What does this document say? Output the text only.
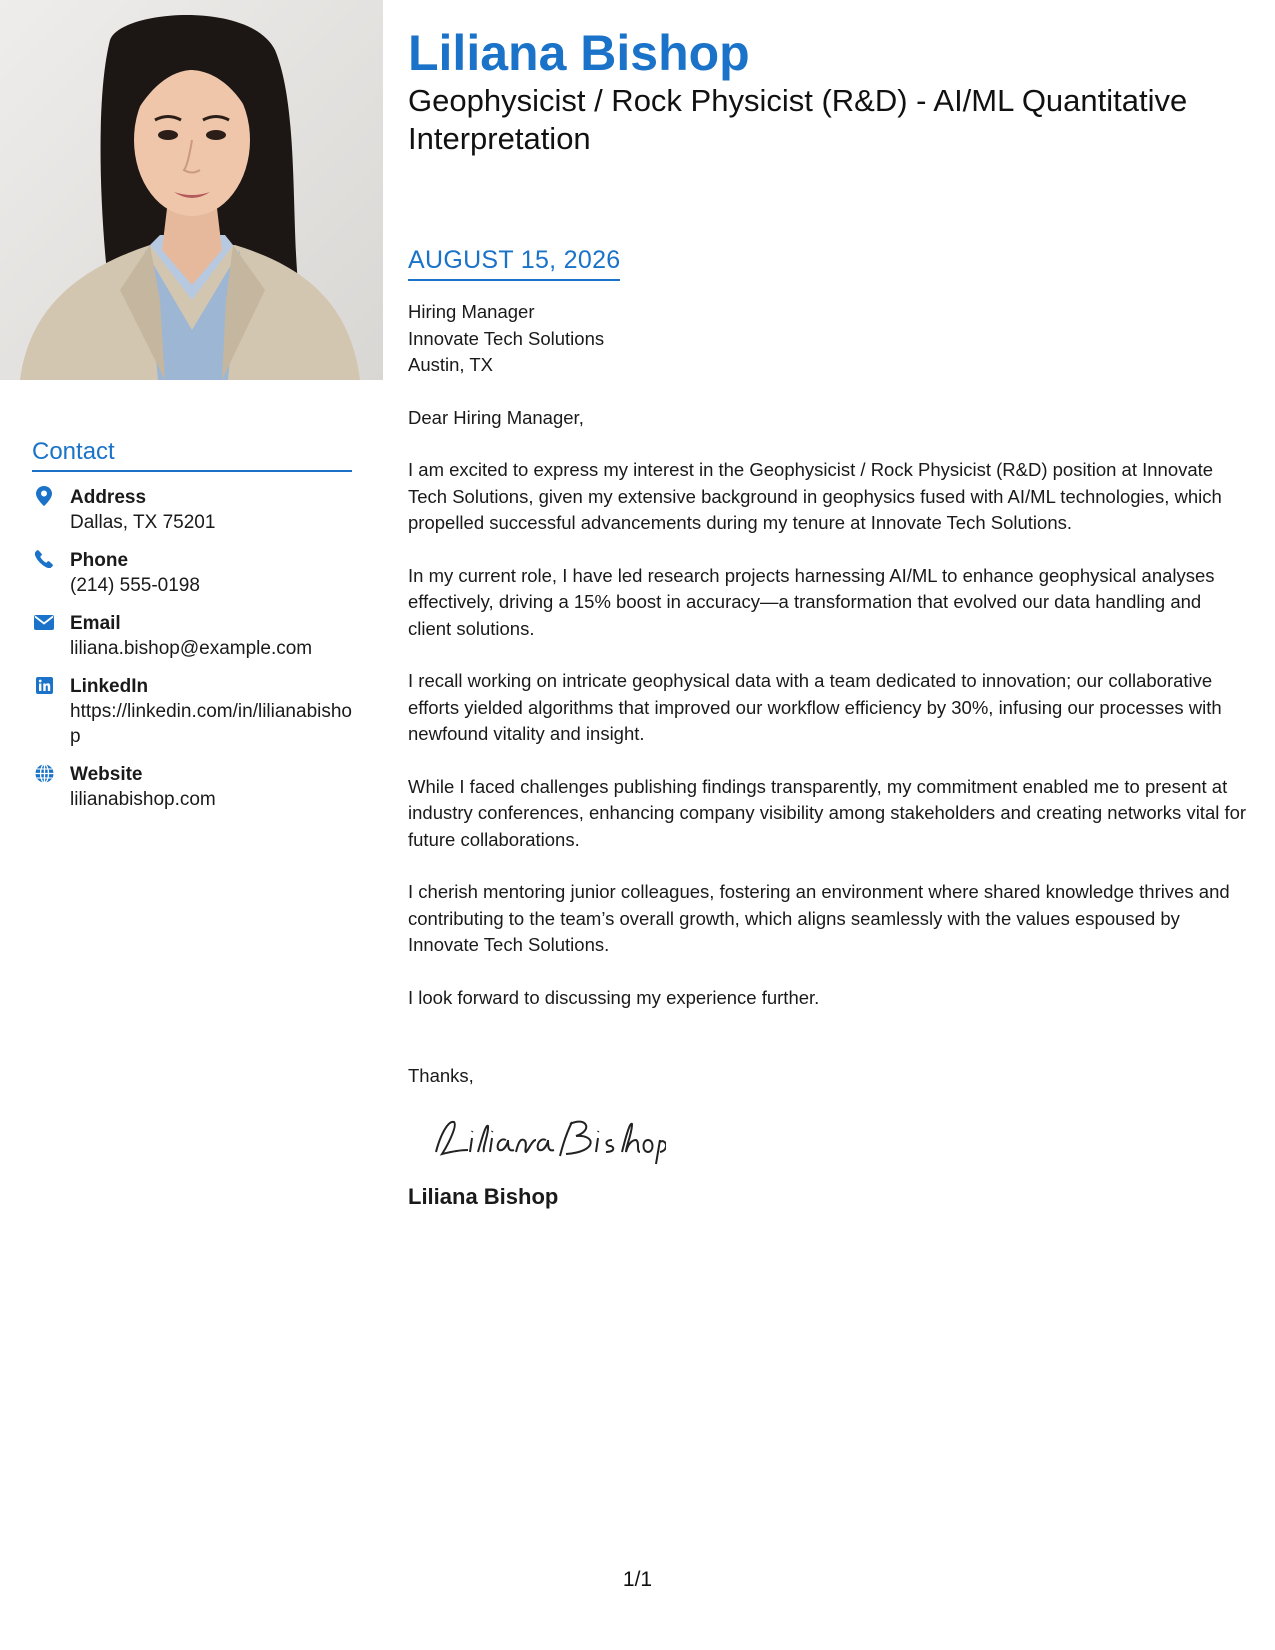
Contact
Address
Dallas, TX 75201
Phone
(214) 555-0198
Email
liliana.bishop@example.com
LinkedIn
https://linkedin.com/in/lilianabishop
Website
lilianabishop.com
Liliana Bishop
Geophysicist / Rock Physicist (R&D) - AI/ML Quantitative Interpretation
AUGUST 15, 2026
Hiring Manager
Innovate Tech Solutions
Austin, TX
Dear Hiring Manager,
I am excited to express my interest in the Geophysicist / Rock Physicist (R&D) position at Innovate Tech Solutions, given my extensive background in geophysics fused with AI/ML technologies, which propelled successful advancements during my tenure at Innovate Tech Solutions.
In my current role, I have led research projects harnessing AI/ML to enhance geophysical analyses effectively, driving a 15% boost in accuracy—a transformation that evolved our data handling and client solutions.
I recall working on intricate geophysical data with a team dedicated to innovation; our collaborative efforts yielded algorithms that improved our workflow efficiency by 30%, infusing our processes with newfound vitality and insight.
While I faced challenges publishing findings transparently, my commitment enabled me to present at industry conferences, enhancing company visibility among stakeholders and creating networks vital for future collaborations.
I cherish mentoring junior colleagues, fostering an environment where shared knowledge thrives and contributing to the team’s overall growth, which aligns seamlessly with the values espoused by Innovate Tech Solutions.
I look forward to discussing my experience further.
Thanks,
Liliana Bishop
1/1
